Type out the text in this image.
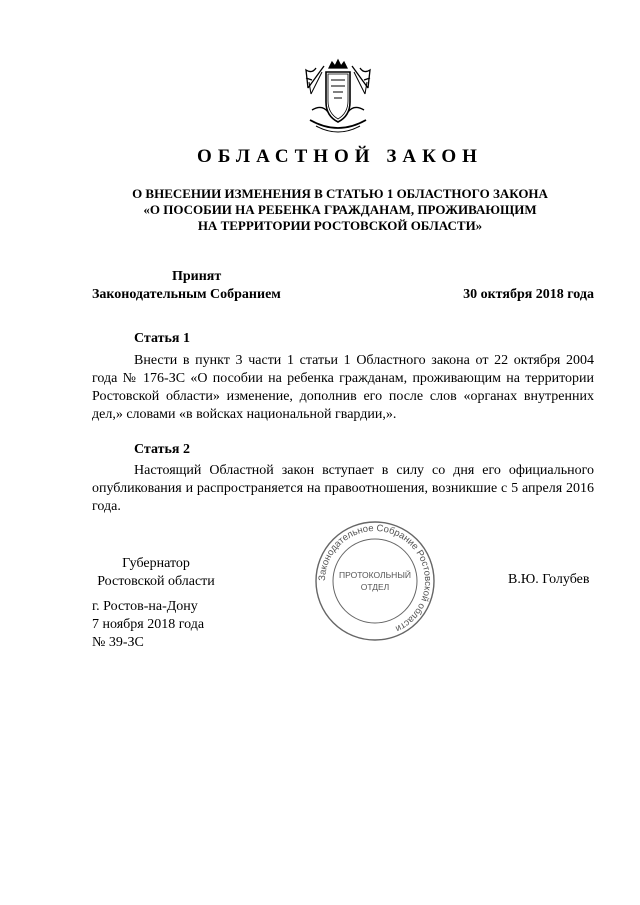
ОБЛАСТНОЙ ЗАКОН
О ВНЕСЕНИИ ИЗМЕНЕНИЯ В СТАТЬЮ 1 ОБЛАСТНОГО ЗАКОНА
«О ПОСОБИИ НА РЕБЕНКА ГРАЖДАНАМ, ПРОЖИВАЮЩИМ
НА ТЕРРИТОРИИ РОСТОВСКОЙ ОБЛАСТИ»
Принят
Законодательным Собранием	30 октября 2018 года
Статья 1
Внести в пункт 3 части 1 статьи 1 Областного закона от 22 октября 2004 года № 176-ЗС «О пособии на ребенка гражданам, проживающим на территории Ростовской области» изменение, дополнив его после слов «органах внутренних дел,» словами «в войсках национальной гвардии,».
Статья 2
Настоящий Областной закон вступает в силу со дня его официального опубликования и распространяется на правоотношения, возникшие с 5 апреля 2016 года.
Губернатор
Ростовской области	Законодательное Собрание Ростовской области
ПРОТОКОЛЬНЫЙ
ОТДЕЛ	В.Ю. Голубев
г. Ростов-на-Дону
7 ноября 2018 года
№ 39-ЗС
